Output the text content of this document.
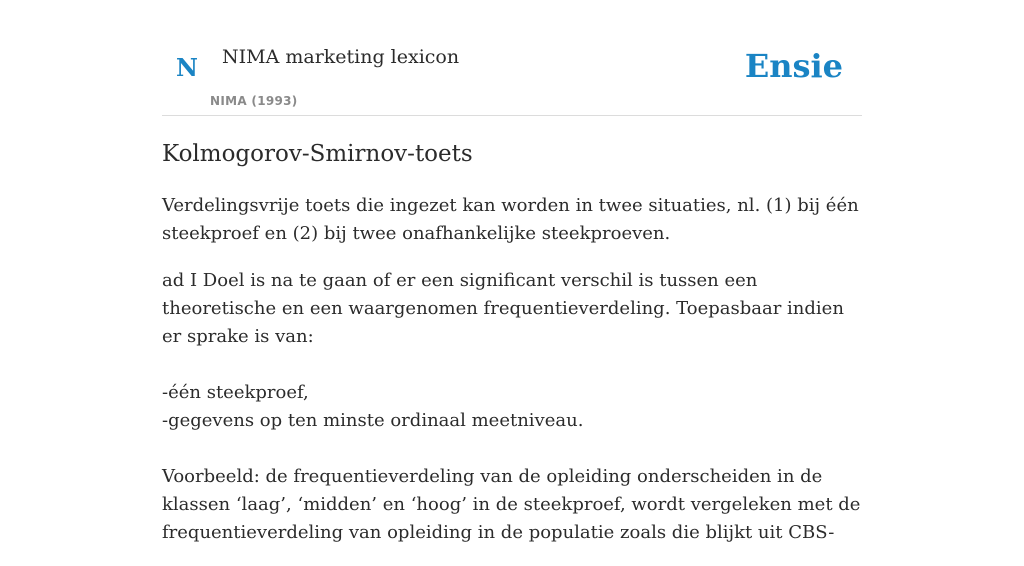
N NIMA marketing lexicon
NIMA (1993)
Ensie
Kolmogorov-Smirnov-toets

Verdelingsvrije toets die ingezet kan worden in twee situaties, nl. (1) bij één steekproef en (2) bij twee onafhankelijke steekproeven.

ad I Doel is na te gaan of er een significant verschil is tussen een theoretische en een waargenomen frequentieverdeling. Toepasbaar indien er sprake is van:
-één steekproef,
-gegevens op ten minste ordinaal meetniveau.
Voorbeeld: de frequentieverdeling van de opleiding onderscheiden in de klassen ‘laag’, ‘midden’ en ‘hoog’ in de steekproef, wordt vergeleken met de frequentieverdeling van opleiding in de populatie zoals die blijkt uit CBS-
